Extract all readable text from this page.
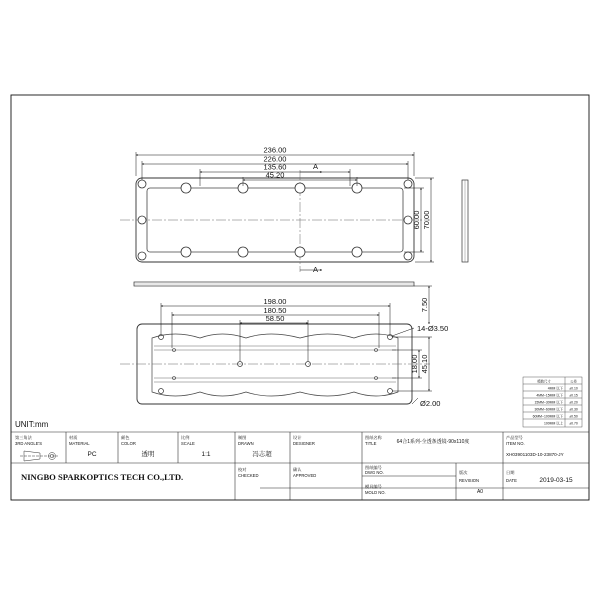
236.00
226.00
135.60
45.20
60.00 70.00
A
A
198.00
180.50
58.50
7.50
18.00 45.10
14-Ø3.50
Ø2.00
模数尺寸	公差
4MM 以下 ±0.10
4MM~15MM 以下 ±0.15
15MM~30MM 以下 ±0.20
30MM~60MM 以下 ±0.30
60MM~100MM 以下 ±0.50
100MM 以上 ±0.70
UNIT:mm
第三角法
3RD ANGLE'S
材质
MATERIAL
PC
颜色
COLOR
透明
比例
SCALE
1:1
制图
DRAWN
冯志超
设计
DESIGNER
图纸名称
TITLE	64合1系列-全透条透镜-90x110度
产品型号
ITEM NO.
XH03901103D-10-23870-JY
NINGBO SPARKOPTICS TECH CO.,LTD.
校对
CHECKED
确认
APPROVED
图纸编号
DWG NO.
模具编号
MOLD NO.
版次
REVISION
A0
日期
DATE	2019-03-15
